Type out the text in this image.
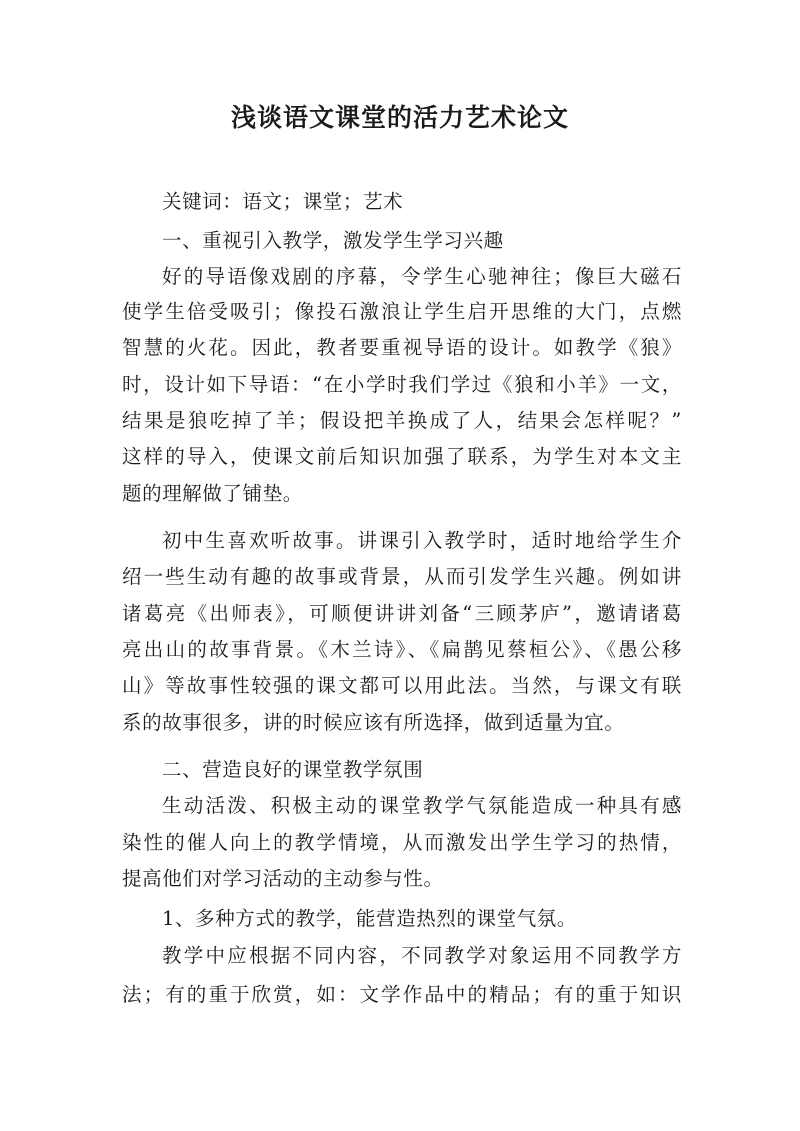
浅谈语文课堂的活力艺术论文
关键词：语文；课堂；艺术
一、重视引入教学，激发学生学习兴趣
好的导语像戏剧的序幕，令学生心驰神往；像巨大磁石
使学生倍受吸引；像投石激浪让学生启开思维的大门，点燃
智慧的火花。因此，教者要重视导语的设计。如教学《狼》
时，设计如下导语：“在小学时我们学过《狼和小羊》一文，
结果是狼吃掉了羊；假设把羊换成了人，结果会怎样呢？”
这样的导入，使课文前后知识加强了联系，为学生对本文主
题的理解做了铺垫。
初中生喜欢听故事。讲课引入教学时，适时地给学生介
绍一些生动有趣的故事或背景，从而引发学生兴趣。例如讲
诸葛亮《出师表》，可顺便讲讲刘备“三顾茅庐”，邀请诸葛
亮出山的故事背景。《木兰诗》、《扁鹊见蔡桓公》、《愚公移
山》等故事性较强的课文都可以用此法。当然，与课文有联
系的故事很多，讲的时候应该有所选择，做到适量为宜。
二、营造良好的课堂教学氛围
生动活泼、积极主动的课堂教学气氛能造成一种具有感
染性的催人向上的教学情境，从而激发出学生学习的热情，
提高他们对学习活动的主动参与性。
1、多种方式的教学，能营造热烈的课堂气氛。
教学中应根据不同内容，不同教学对象运用不同教学方
法；有的重于欣赏，如：文学作品中的精品；有的重于知识
